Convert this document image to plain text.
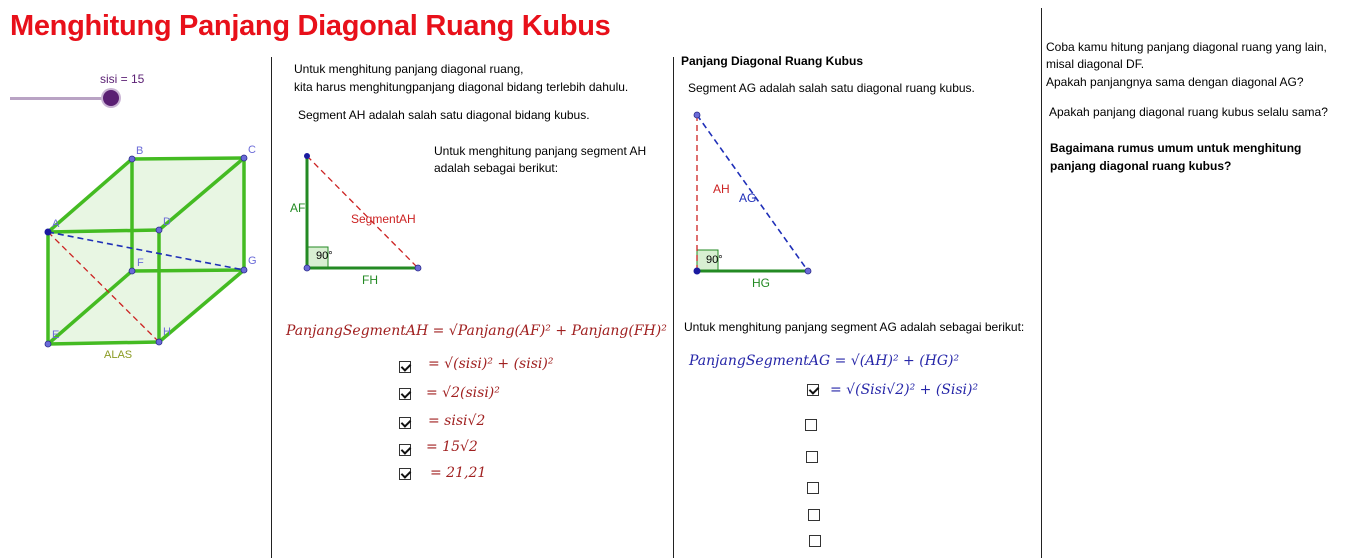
Menghitung Panjang Diagonal Ruang Kubus
sisi = 15
A
B	C
D
E
F	G
H
ALAS
Untuk menghitung panjang diagonal ruang,
kita harus menghitungpanjang diagonal bidang terlebih dahulu.
Segment AH adalah salah satu diagonal bidang kubus.
Untuk menghitung panjang segment AH
adalah sebagai berikut:
AF
FH
SegmentAH
90°
PanjangSegmentAH = √Panjang(AF)² + Panjang(FH)²
= √(sisi)² + (sisi)²
= √2(sisi)²
= sisi√2
= 15√2
= 21,21
Panjang Diagonal Ruang Kubus
Segment AG adalah salah satu diagonal ruang kubus.
AH
HG
AG
90°
Untuk menghitung panjang segment AG adalah sebagai berikut:
PanjangSegmentAG = √(AH)² + (HG)²
= √(Sisi√2)² + (Sisi)²
Coba kamu hitung panjang diagonal ruang yang lain,
misal diagonal DF.
Apakah panjangnya sama dengan diagonal AG?
Apakah panjang diagonal ruang kubus selalu sama?
Bagaimana rumus umum untuk menghitung
panjang diagonal ruang kubus?
